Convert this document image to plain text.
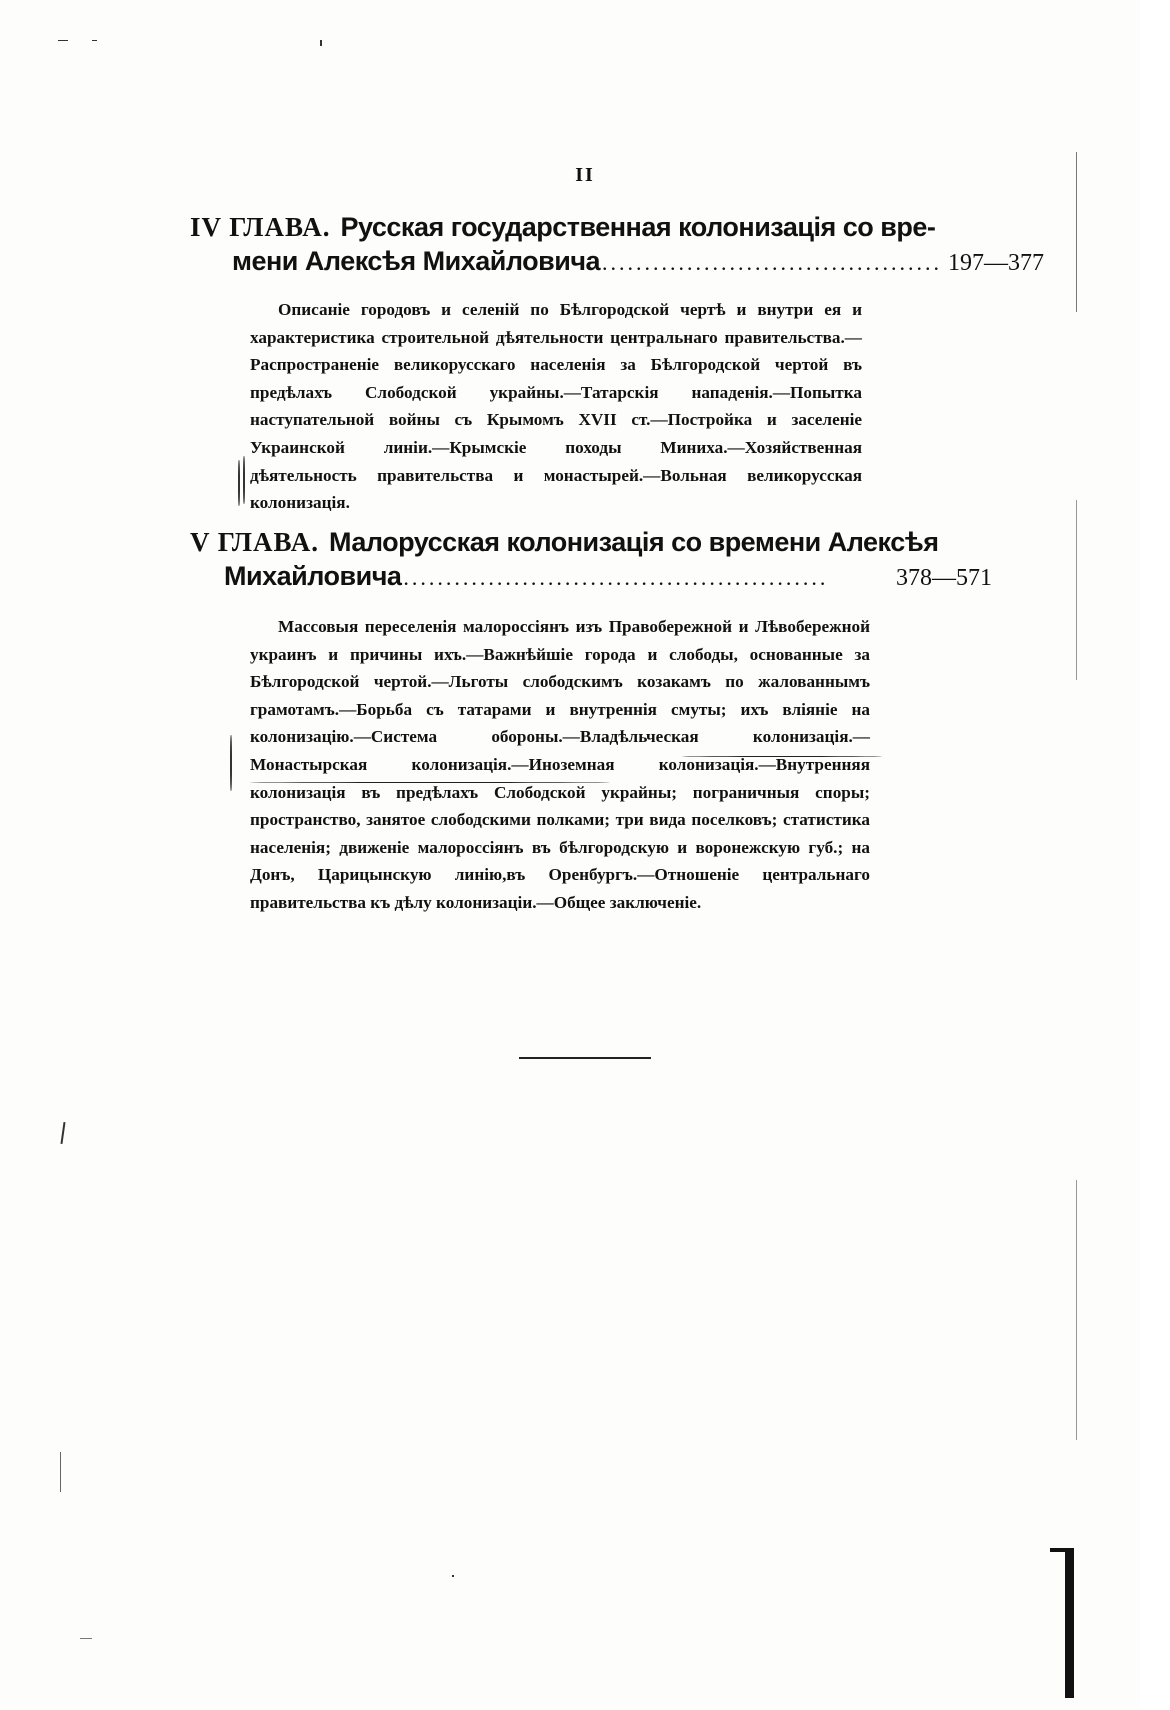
II
IV ГЛАВА. Русская государственная колонизація со вре-
мени Алексѣя Михайловича ........................................ 197—377
Описаніе городовъ и селеній по Бѣлгородской чертѣ и внутри ея и характеристика строительной дѣятельности центральнаго правительства.—Распространеніе великорусскаго населенія за Бѣлгородской чертой въ предѣлахъ Слободской украйны.—Татарскія нападенія.—Попытка наступательной войны съ Крымомъ XVII ст.—Постройка и заселеніе Украинской линіи.—Крымскіе походы Миниха.—Хозяйственная дѣятельность правительства и монастырей.—Вольная великорусская колонизація.
V ГЛАВА. Малорусская колонизація со времени Алексѣя
Михайловича ..................................................	378—571
Массовыя переселенія малороссіянъ изъ Правобережной и Лѣвобережной украинъ и причины ихъ.—Важнѣйшіе города и слободы, основанные за Бѣлгородской чертой.—Льготы слободскимъ козакамъ по жалованнымъ грамотамъ.—Борьба съ татарами и внутреннія смуты; ихъ вліяніе на колонизацію.—Система обороны.—Владѣльческая колонизація.—Монастырская колонизація.—Иноземная колонизація.—Внутренняя колонизація въ предѣлахъ Слободской украйны; пограничныя споры; пространство, занятое слободскими полками; три вида поселковъ; статистика населенія; движеніе малороссіянъ въ бѣлгородскую и воронежскую губ.; на Донъ, Царицынскую линію,въ Оренбургъ.—Отношеніе центральнаго правительства къ дѣлу колонизаціи.—Общее заключеніе.
